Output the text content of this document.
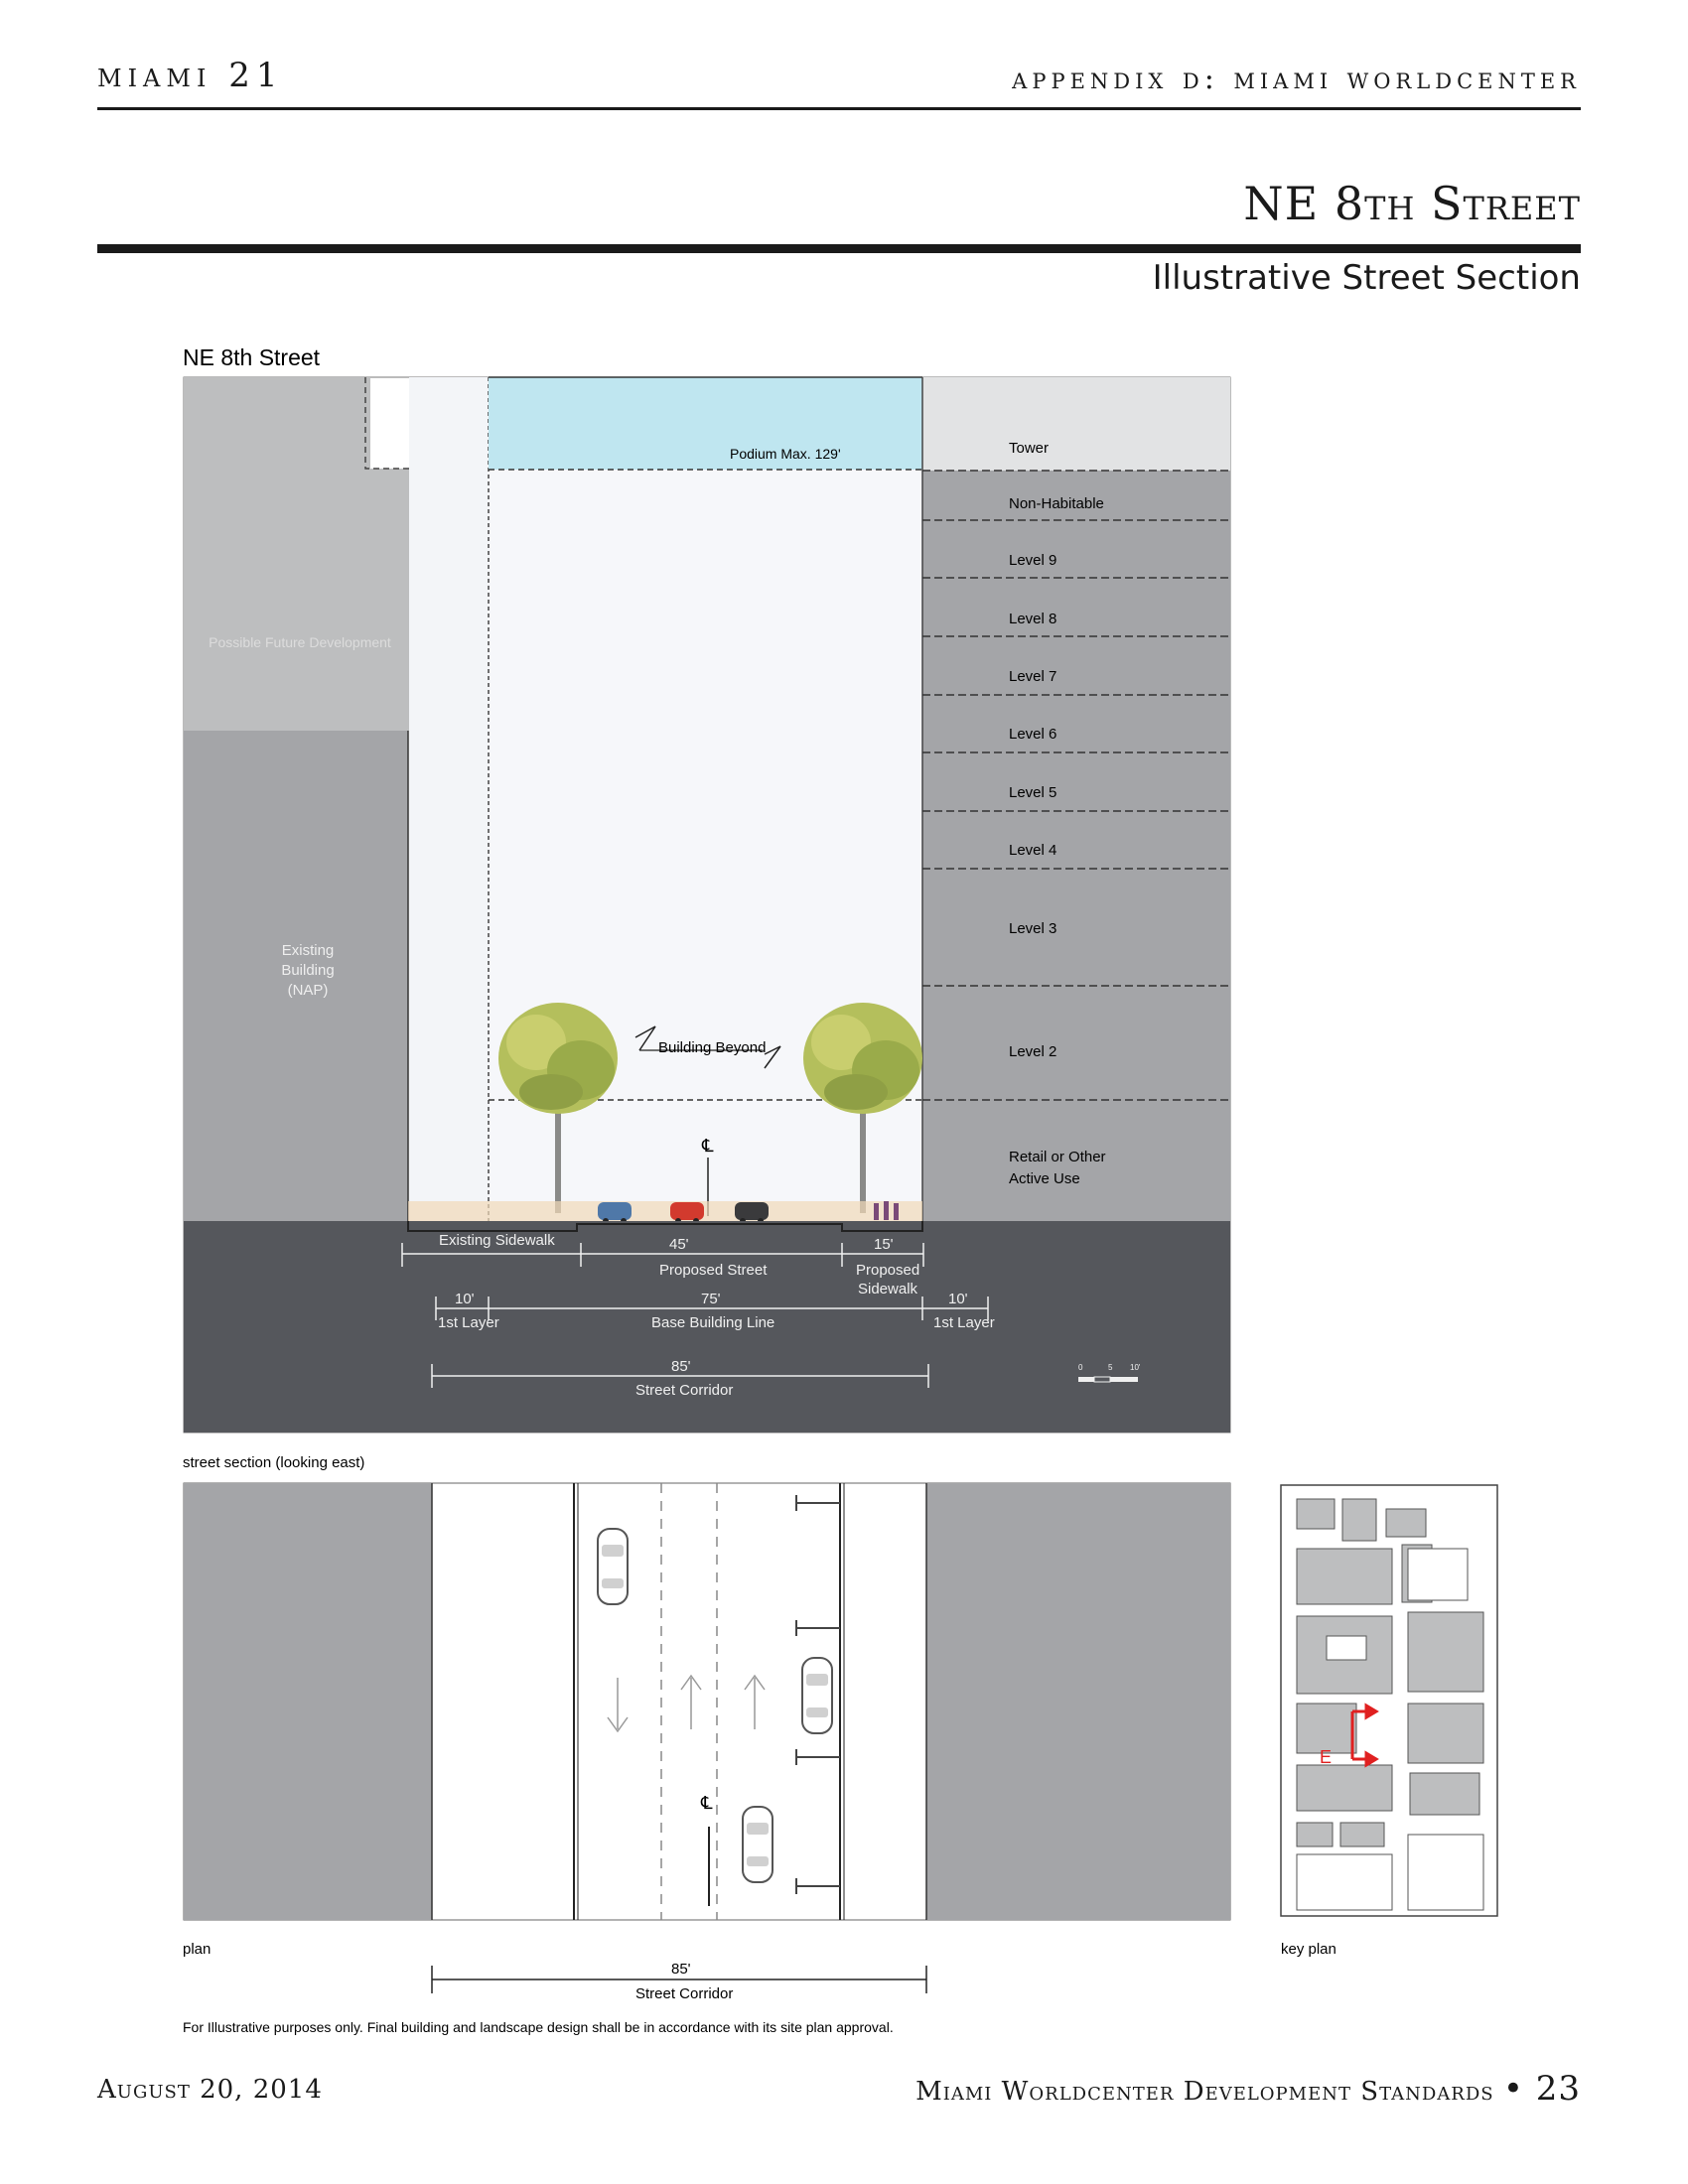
miami 21	appendix d: miami worldcenter
NE 8th Street
Illustrative Street Section
NE 8th Street
Podium Max. 129'	Tower
Non-Habitable
Level 9
Level 8
Level 7
Level 6
Level 5
Level 4
Level 3
Level 2
Retail or Other
Active Use
Possible Future Development
Existing
Building
(NAP)
Building Beyond
℄
Existing Sidewalk	45'
Proposed Street
15'
Proposed
Sidewalk
10'
1st Layer
75'
Base Building Line
10'
1st Layer
85'
Street Corridor
0	5 10'
street section (looking east)
℄
plan
85'
Street Corridor
For Illustrative purposes only. Final building and landscape design shall be in accordance with its site plan approval.
E
key plan
August 20, 2014	Miami Worldcenter Development Standards • 23
